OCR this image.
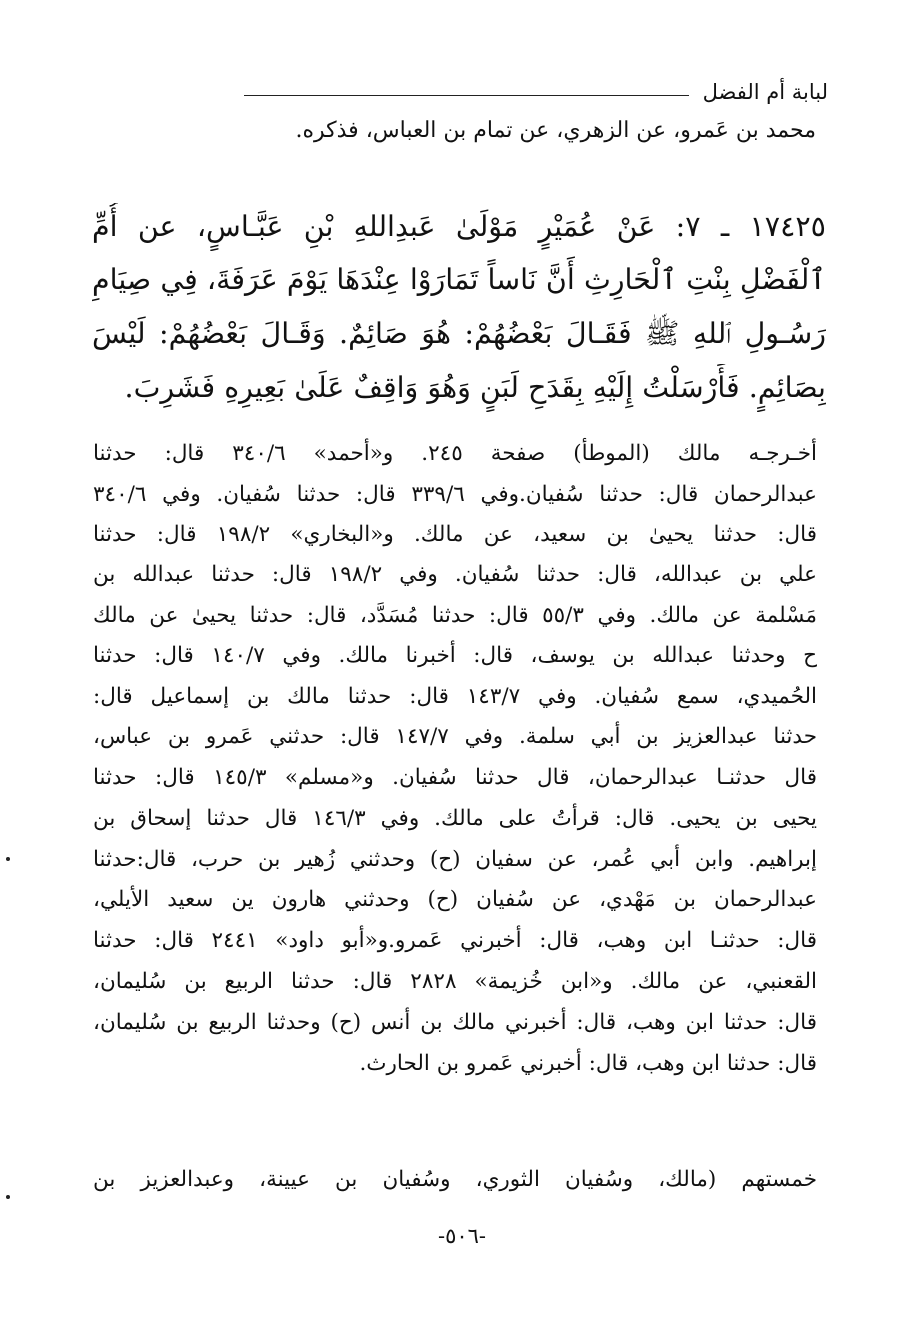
لبابة أم الفضل
محمد بن عَمرو، عن الزهري، عن تمام بن العباس، فذكره.
١٧٤٢٥ ـ ٧: عَنْ عُمَيْرٍ مَوْلَىٰ عَبدِاللهِ بْنِ عَبَّـاسٍ، عن أُمِّ
ٱلْفَضْلِ بِنْتِ ٱلْحَارِثِ أَنَّ نَاساً تَمَارَوْا عِنْدَهَا يَوْمَ عَرَفَةَ، فِي صِيَامِ
رَسُـولِ ٱللهِ ﷺ فَقَـالَ بَعْضُهُمْ: هُوَ صَائِمٌ. وَقَـالَ بَعْضُهُمْ: لَيْسَ
بِصَائِمٍ. فَأَرْسَلْتُ إِلَيْهِ بِقَدَحِ لَبَنٍ وَهُوَ وَاقِفٌ عَلَىٰ بَعِيرِهِ فَشَرِبَ.
أخـرجـه مالك (الموطأ) صفحة ٢٤٥. و«أحمد» ٣٤٠/٦ قال: حدثنا
عبدالرحمان قال: حدثنا سُفيان.وفي ٣٣٩/٦ قال: حدثنا سُفيان. وفي ٣٤٠/٦
قال: حدثنا يحيىٰ بن سعيد، عن مالك. و«البخاري» ١٩٨/٢ قال: حدثنا
علي بن عبدالله، قال: حدثنا سُفيان. وفي ١٩٨/٢ قال: حدثنا عبدالله بن
مَسْلمة عن مالك. وفي ٥٥/٣ قال: حدثنا مُسَدَّد، قال: حدثنا يحيىٰ عن مالك
ح وحدثنا عبدالله بن يوسف، قال: أخبرنا مالك. وفي ١٤٠/٧ قال: حدثنا
الحُميدي، سمع سُفيان. وفي ١٤٣/٧ قال: حدثنا مالك بن إسماعيل قال:
حدثنا عبدالعزيز بن أبي سلمة. وفي ١٤٧/٧ قال: حدثني عَمرو بن عباس،
قال حدثنـا عبدالرحمان، قال حدثنا سُفيان. و«مسلم» ١٤٥/٣ قال: حدثنا
يحيى بن يحيى. قال: قرأتُ على مالك. وفي ١٤٦/٣ قال حدثنا إسحاق بن
إبراهيم. وابن أبي عُمر، عن سفيان (ح) وحدثني زُهير بن حرب، قال:حدثنا
عبدالرحمان بن مَهْدي، عن سُفيان (ح) وحدثني هارون ين سعيد الأيلي،
قال: حدثنـا ابن وهب، قال: أخبرني عَمرو.و«أبو داود» ٢٤٤١ قال: حدثنا
القعنبي، عن مالك. و«ابن خُزيمة» ٢٨٢٨ قال: حدثنا الربيع بن سُليمان،
قال: حدثنا ابن وهب، قال: أخبرني مالك بن أنس (ح) وحدثنا الربيع بن سُليمان،
قال: حدثنا ابن وهب، قال: أخبرني عَمرو بن الحارث.
خمستهم (مالك، وسُفيان الثوري، وسُفيان بن عيينة، وعبدالعزيز بن
-٥٠٦-
